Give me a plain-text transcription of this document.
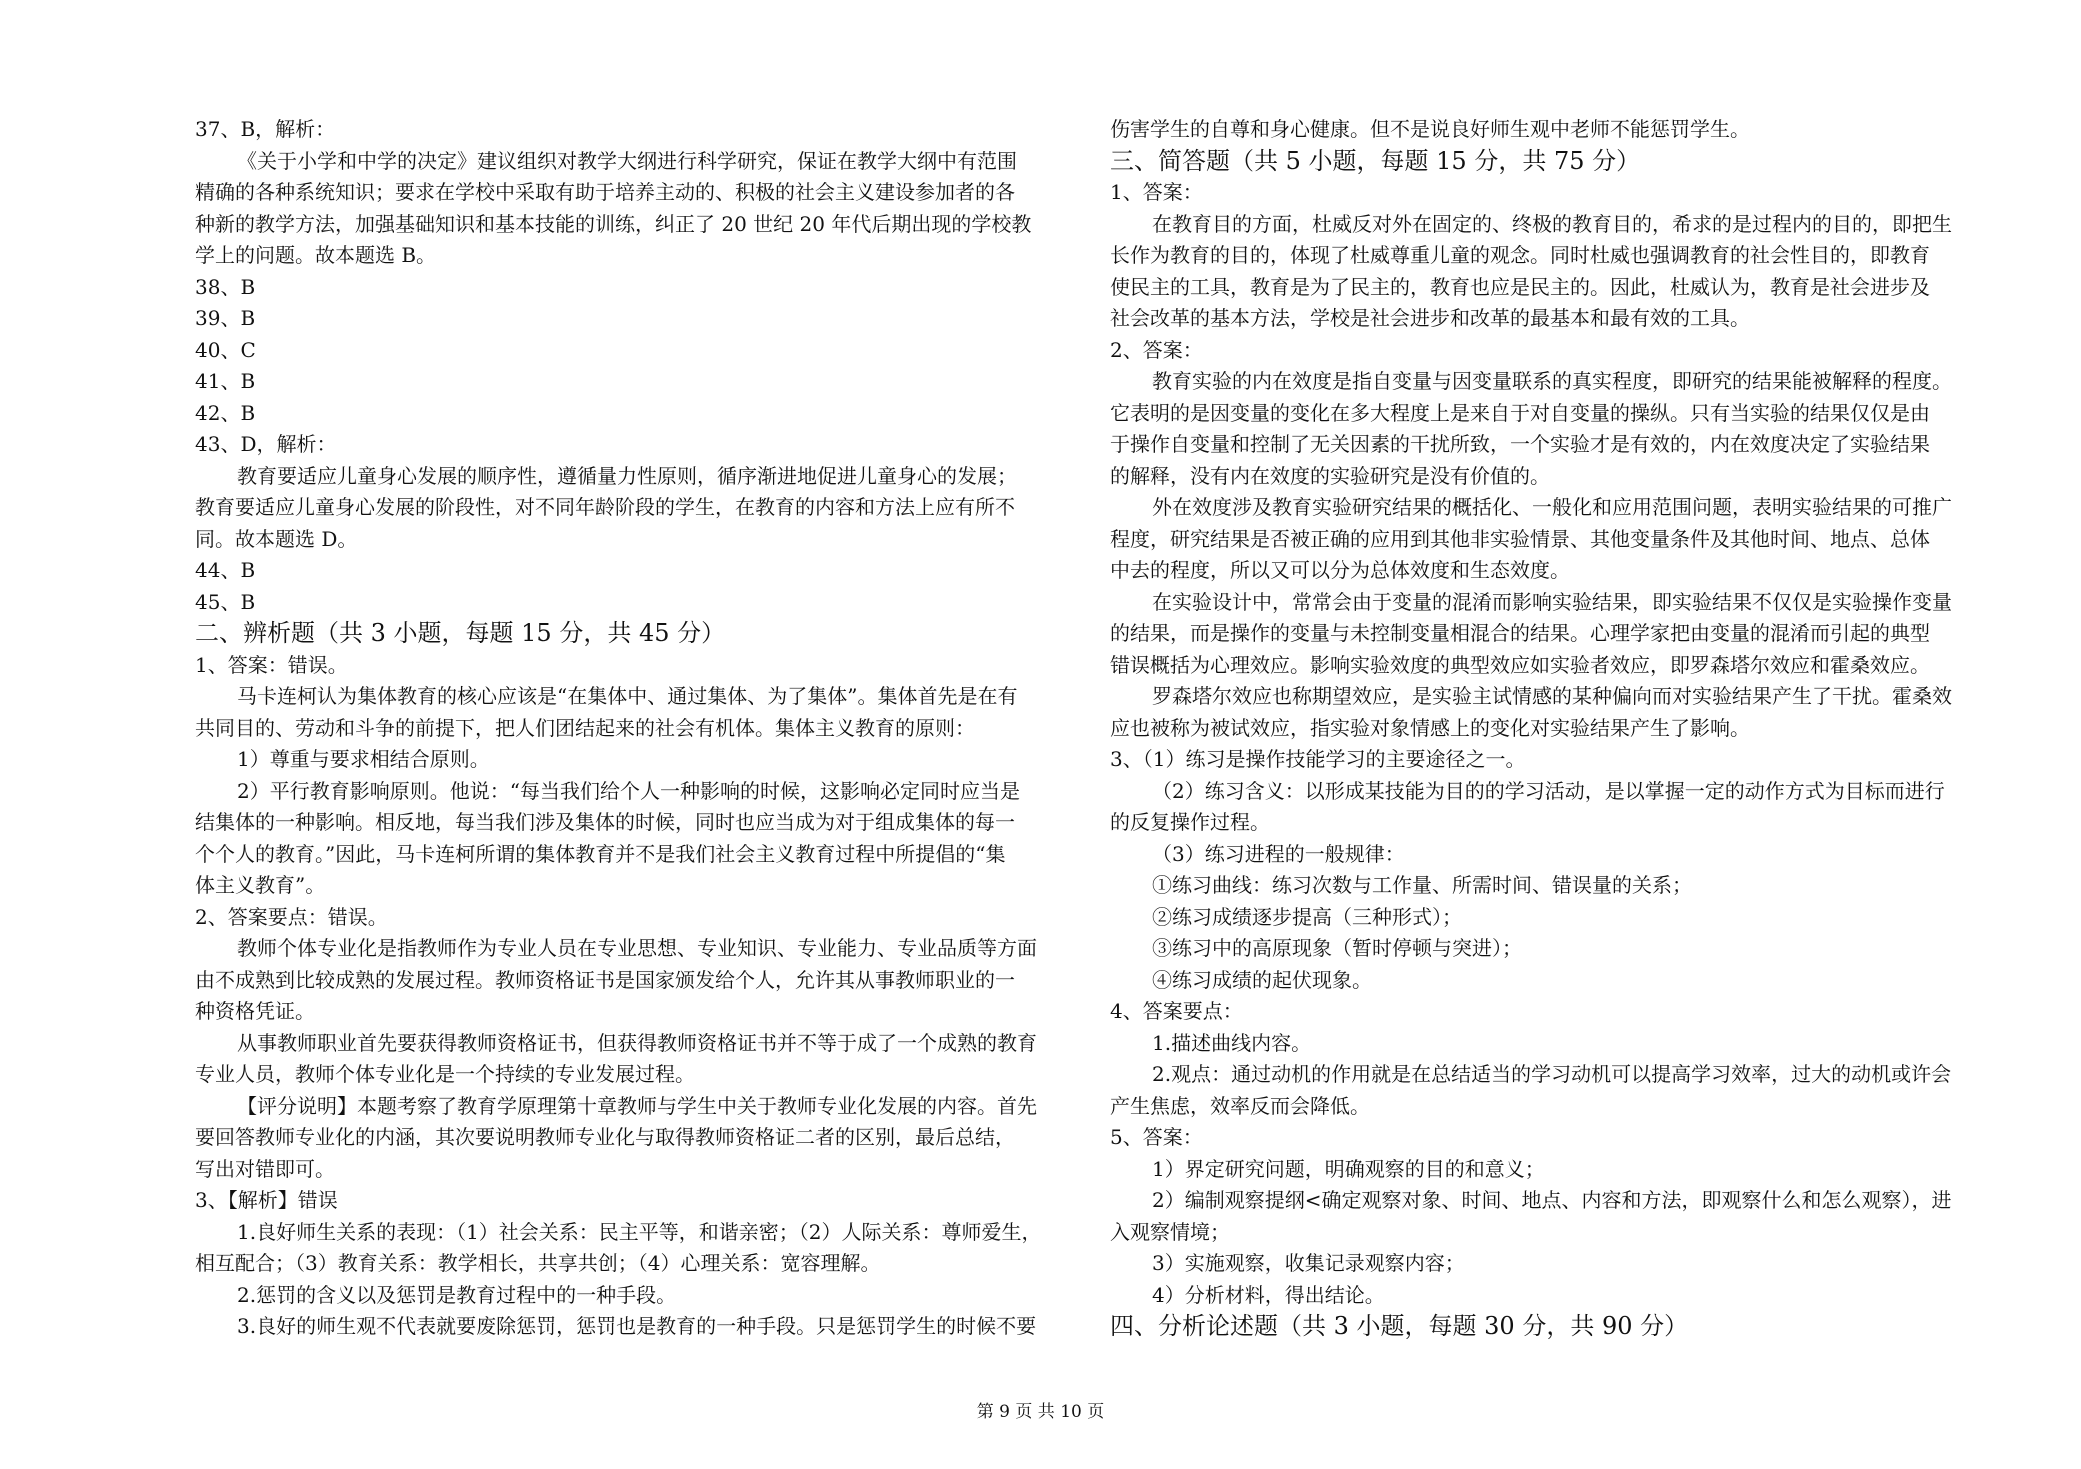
37、B，解析：
《关于小学和中学的决定》建议组织对教学大纲进行科学研究，保证在教学大纲中有范围
精确的各种系统知识；要求在学校中采取有助于培养主动的、积极的社会主义建设参加者的各
种新的教学方法，加强基础知识和基本技能的训练，纠正了 20 世纪 20 年代后期出现的学校教
学上的问题。故本题选 B。
38、B
39、B
40、C
41、B
42、B
43、D，解析：
教育要适应儿童身心发展的顺序性，遵循量力性原则，循序渐进地促进儿童身心的发展；
教育要适应儿童身心发展的阶段性，对不同年龄阶段的学生，在教育的内容和方法上应有所不
同。故本题选 D。
44、B
45、B
二、辨析题（共 3 小题，每题 15 分，共 45 分）
1、答案：错误。
马卡连柯认为集体教育的核心应该是“在集体中、通过集体、为了集体”。集体首先是在有
共同目的、劳动和斗争的前提下，把人们团结起来的社会有机体。集体主义教育的原则：
1）尊重与要求相结合原则。
2）平行教育影响原则。他说：“每当我们给个人一种影响的时候，这影响必定同时应当是
结集体的一种影响。相反地，每当我们涉及集体的时候，同时也应当成为对于组成集体的每一
个个人的教育。”因此，马卡连柯所谓的集体教育并不是我们社会主义教育过程中所提倡的“集
体主义教育”。
2、答案要点：错误。
教师个体专业化是指教师作为专业人员在专业思想、专业知识、专业能力、专业品质等方面
由不成熟到比较成熟的发展过程。教师资格证书是国家颁发给个人，允许其从事教师职业的一
种资格凭证。
从事教师职业首先要获得教师资格证书，但获得教师资格证书并不等于成了一个成熟的教育
专业人员，教师个体专业化是一个持续的专业发展过程。
【评分说明】本题考察了教育学原理第十章教师与学生中关于教师专业化发展的内容。首先
要回答教师专业化的内涵，其次要说明教师专业化与取得教师资格证二者的区别，最后总结，
写出对错即可。
3、【解析】错误
1.良好师生关系的表现：（1）社会关系：民主平等，和谐亲密；（2）人际关系：尊师爱生，
相互配合；（3）教育关系：教学相长，共享共创；（4）心理关系：宽容理解。
2.惩罚的含义以及惩罚是教育过程中的一种手段。
3.良好的师生观不代表就要废除惩罚，惩罚也是教育的一种手段。只是惩罚学生的时候不要
伤害学生的自尊和身心健康。但不是说良好师生观中老师不能惩罚学生。
三、简答题（共 5 小题，每题 15 分，共 75 分）
1、答案：
在教育目的方面，杜威反对外在固定的、终极的教育目的，希求的是过程内的目的，即把生
长作为教育的目的，体现了杜威尊重儿童的观念。同时杜威也强调教育的社会性目的，即教育
使民主的工具，教育是为了民主的，教育也应是民主的。因此，杜威认为，教育是社会进步及
社会改革的基本方法，学校是社会进步和改革的最基本和最有效的工具。
2、答案：
教育实验的内在效度是指自变量与因变量联系的真实程度，即研究的结果能被解释的程度。
它表明的是因变量的变化在多大程度上是来自于对自变量的操纵。只有当实验的结果仅仅是由
于操作自变量和控制了无关因素的干扰所致，一个实验才是有效的，内在效度决定了实验结果
的解释，没有内在效度的实验研究是没有价值的。
外在效度涉及教育实验研究结果的概括化、一般化和应用范围问题，表明实验结果的可推广
程度，研究结果是否被正确的应用到其他非实验情景、其他变量条件及其他时间、地点、总体
中去的程度，所以又可以分为总体效度和生态效度。
在实验设计中，常常会由于变量的混淆而影响实验结果，即实验结果不仅仅是实验操作变量
的结果，而是操作的变量与未控制变量相混合的结果。心理学家把由变量的混淆而引起的典型
错误概括为心理效应。影响实验效度的典型效应如实验者效应，即罗森塔尔效应和霍桑效应。
罗森塔尔效应也称期望效应，是实验主试情感的某种偏向而对实验结果产生了干扰。霍桑效
应也被称为被试效应，指实验对象情感上的变化对实验结果产生了影响。
3、（1）练习是操作技能学习的主要途径之一。
（2）练习含义：以形成某技能为目的的学习活动，是以掌握一定的动作方式为目标而进行
的反复操作过程。
（3）练习进程的一般规律：
①练习曲线：练习次数与工作量、所需时间、错误量的关系；
②练习成绩逐步提高（三种形式）；
③练习中的高原现象（暂时停顿与突进）；
④练习成绩的起伏现象。
4、答案要点：
1.描述曲线内容。
2.观点：通过动机的作用就是在总结适当的学习动机可以提高学习效率，过大的动机或许会
产生焦虑，效率反而会降低。
5、答案：
1）界定研究问题，明确观察的目的和意义；
2）编制观察提纲<确定观察对象、时间、地点、内容和方法，即观察什么和怎么观察），进
入观察情境；
3）实施观察，收集记录观察内容；
4）分析材料，得出结论。
四、分析论述题（共 3 小题，每题 30 分，共 90 分）
第 9 页 共 10 页
